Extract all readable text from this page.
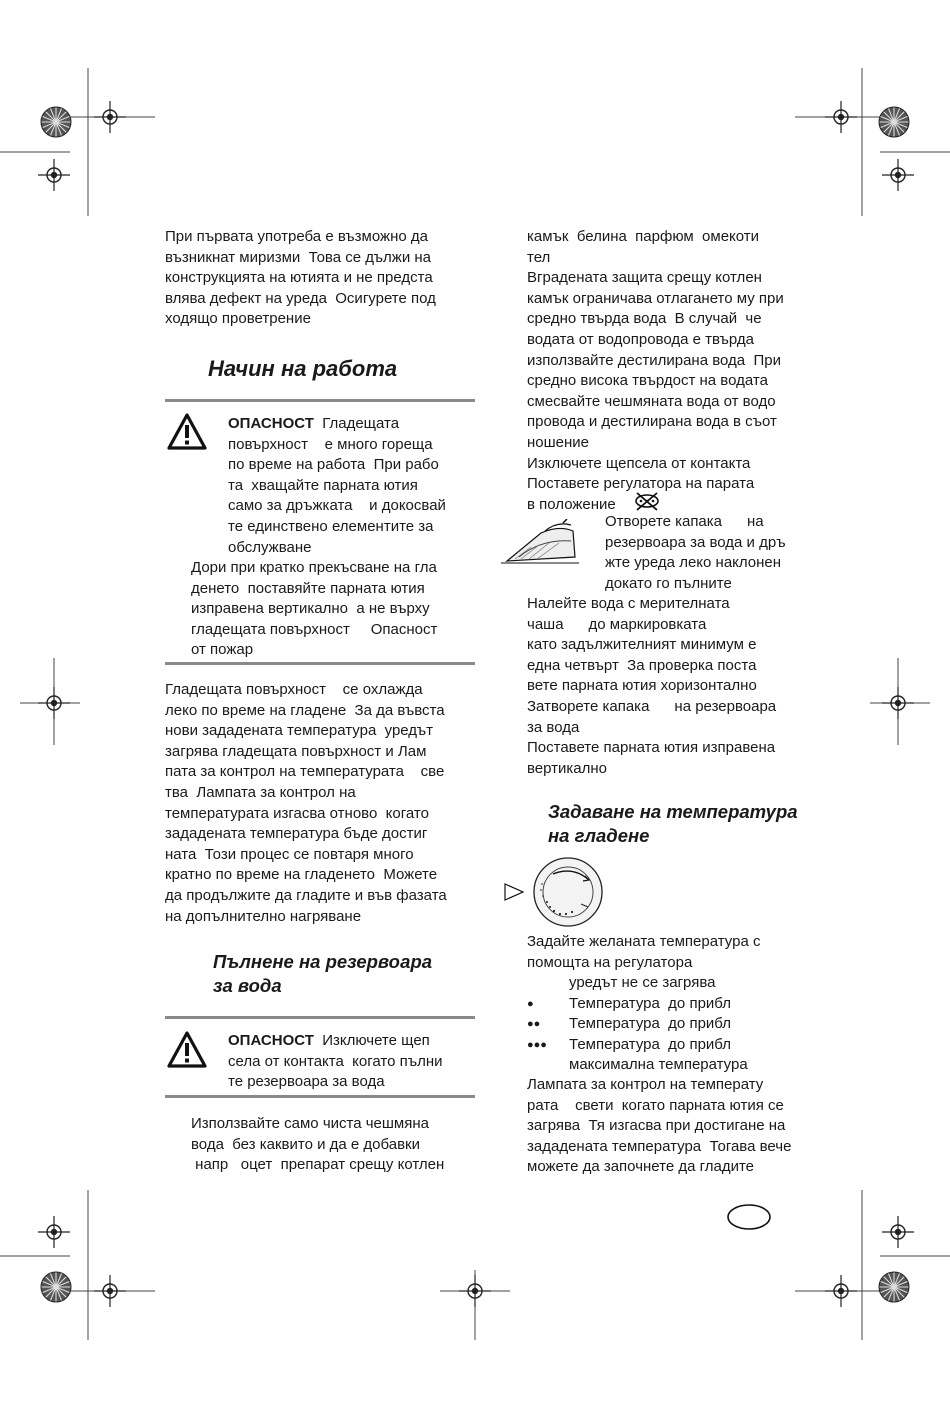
При първата употреба е възможно да
възникнат миризми  Това се дължи на
конструкцията на ютията и не предста
влява дефект на уреда  Осигурете под
ходящо проветрение
Начин на работа
ОПАСНОСТ  Гладещата
повърхност    е много гореща
по време на работа  При рабо
та  хващайте парната ютия
само за дръжката    и докосвай
те единствено елементите за
обслужване
Дори при кратко прекъсване на гла
денето  поставяйте парната ютия
изправена вертикално  а не върху
гладещата повърхност     Опасност
от пожар
Гладещата повърхност    се охлажда
леко по време на гладене  За да въвста
нови зададената температура  уредът
загрява гладещата повърхност и Лам
пата за контрол на температурата    све
тва  Лампата за контрол на
температурата изгасва отново  когато
зададената температура бъде достиг
ната  Този процес се повтаря много
кратно по време на гладенето  Можете
да продължите да гладите и във фазата
на допълнително нагряване
Пълнене на резервоара
за вода
ОПАСНОСТ  Изключете щеп
села от контакта  когато пълни
те резервоара за вода
Използвайте само чиста чешмяна
вода  без каквито и да е добавки
напр   оцет  препарат срещу котлен
камък  белина  парфюм  омекоти
тел
Вградената защита срещу котлен
камък ограничава отлагането му при
средно твърда вода  В случай  че
водата от водопровода е твърда
използвайте дестилирана вода  При
средно висока твърдост на водата
смесвайте чешмяната вода от водо
провода и дестилирана вода в съот
ношение
Изключете щепсела от контакта
Поставете регулатора на парата
в положение
Отворете капака      на
резервоара за вода и дръ
жте уреда леко наклонен
докато го пълните
Налейте вода с мерителната
чаша      до маркировката
като задължителният минимум е
една четвърт  За проверка поста
вете парната ютия хоризонтално
Затворете капака      на резервоара
за вода
Поставете парната ютия изправена
вертикално
Задаване на температура
на гладене
Задайте желаната температура с
помощта на регулатора

уредът не се загрява

●

Температура  до прибл

●●

Температура  до прибл

●●●

Температура  до прибл

максимална температура

Лампата за контрол на температу
рата    свети  когато парната ютия се
загрява  Тя изгасва при достигане на
зададената температура  Тогава вече
можете да започнете да гладите
